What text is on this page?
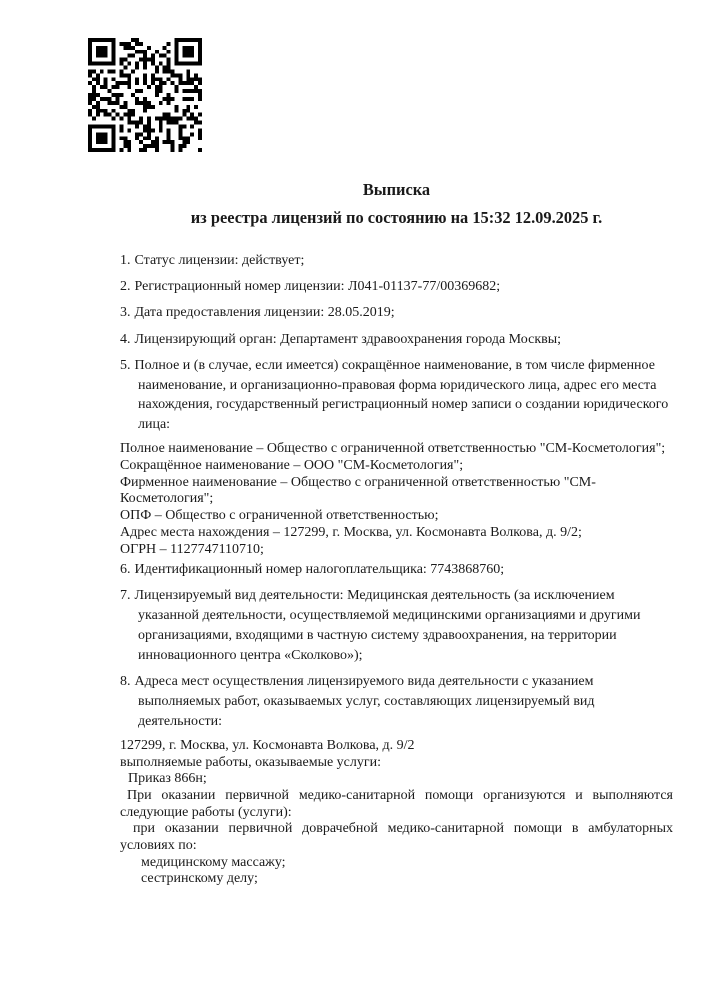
Выписка

из реестра лицензий по состоянию на 15:32 12.09.2025 г.

1. Статус лицензии: действует;

2. Регистрационный номер лицензии: Л041-01137-77/00369682;

3. Дата предоставления лицензии: 28.05.2019;

4. Лицензирующий орган: Департамент здравоохранения города Москвы;

5. Полное и (в случае, если имеется) сокращённое наименование, в том числе фирменное наименование, и организационно-правовая форма юридического лица, адрес его места нахождения, государственный регистрационный номер записи о создании юридического лица:

Полное наименование – Общество с ограниченной ответственностью "СМ-Косметология";

Сокращённое наименование – ООО "СМ-Косметология";

Фирменное наименование – Общество с ограниченной ответственностью "СМ-Косметология";

ОПФ – Общество с ограниченной ответственностью;

Адрес места нахождения – 127299, г. Москва, ул. Космонавта Волкова, д. 9/2;

ОГРН – 1127747110710;

6. Идентификационный номер налогоплательщика: 7743868760;

7. Лицензируемый вид деятельности: Медицинская деятельность (за исключением указанной деятельности, осуществляемой медицинскими организациями и другими организациями, входящими в частную систему здравоохранения, на территории инновационного центра «Сколково»);

8. Адреса мест осуществления лицензируемого вида деятельности с указанием выполняемых работ, оказываемых услуг, составляющих лицензируемый вид деятельности:

127299, г. Москва, ул. Космонавта Волкова, д. 9/2

выполняемые работы, оказываемые услуги:

Приказ 866н;

При оказании первичной медико-санитарной помощи организуются и выполняются следующие работы (услуги):

при оказании первичной доврачебной медико-санитарной помощи в амбулаторных условиях по:

медицинскому массажу;

сестринскому делу;
